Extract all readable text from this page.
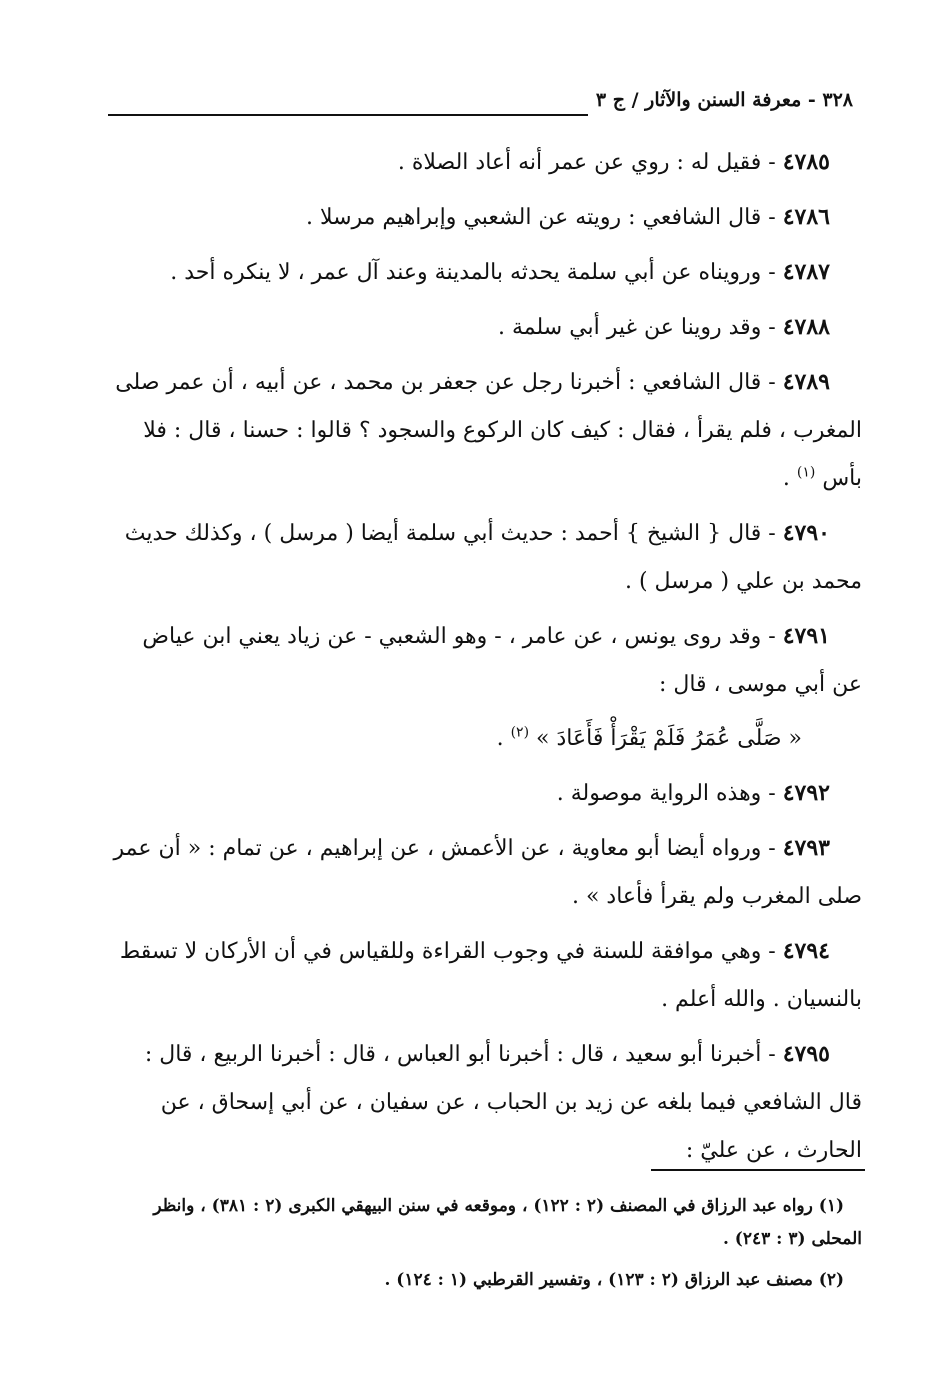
٣٢٨ - معرفة السنن والآثار / ج ٣

٤٧٨٥ - فقيل له : روي عن عمر أنه أعاد الصلاة .

٤٧٨٦ - قال الشافعي : رويته عن الشعبي وإبراهيم مرسلا .

٤٧٨٧ - ورويناه عن أبي سلمة يحدثه بالمدينة وعند آل عمر ، لا ينكره أحد .

٤٧٨٨ - وقد روينا عن غير أبي سلمة .

٤٧٨٩ - قال الشافعي : أخبرنا رجل عن جعفر بن محمد ، عن أبيه ، أن عمر صلى المغرب ، فلم يقرأ ، فقال : كيف كان الركوع والسجود ؟ قالوا : حسنا ، قال : فلا بأس $^{(١)}$ .

٤٧٩٠ - قال { الشيخ } أحمد : حديث أبي سلمة أيضا ( مرسل ) ، وكذلك حديث محمد بن علي ( مرسل ) .

٤٧٩١ - وقد روى يونس ، عن عامر ، - وهو الشعبي - عن زياد يعني ابن عياض عن أبي موسى ، قال :

« صَلَّى عُمَرُ فَلَمْ يَقْرَأْ فَأَعَادَ » $^{(٢)}$ .

٤٧٩٢ - وهذه الرواية موصولة .

٤٧٩٣ - ورواه أيضا أبو معاوية ، عن الأعمش ، عن إبراهيم ، عن تمام : « أن عمر صلى المغرب ولم يقرأ فأعاد » .

٤٧٩٤ - وهي موافقة للسنة في وجوب القراءة وللقياس في أن الأركان لا تسقط بالنسيان . والله أعلم .

٤٧٩٥ - أخبرنا أبو سعيد ، قال : أخبرنا أبو العباس ، قال : أخبرنا الربيع ، قال : قال الشافعي فيما بلغه عن زيد بن الحباب ، عن سفيان ، عن أبي إسحاق ، عن الحارث ، عن عليّ :

(١) رواه عبد الرزاق في المصنف (٢ : ١٢٢) ، وموقعه في سنن البيهقي الكبرى (٢ : ٣٨١) ، وانظر المحلى (٣ : ٢٤٣) .

(٢) مصنف عبد الرزاق (٢ : ١٢٣) ، وتفسير القرطبي (١ : ١٢٤) .
